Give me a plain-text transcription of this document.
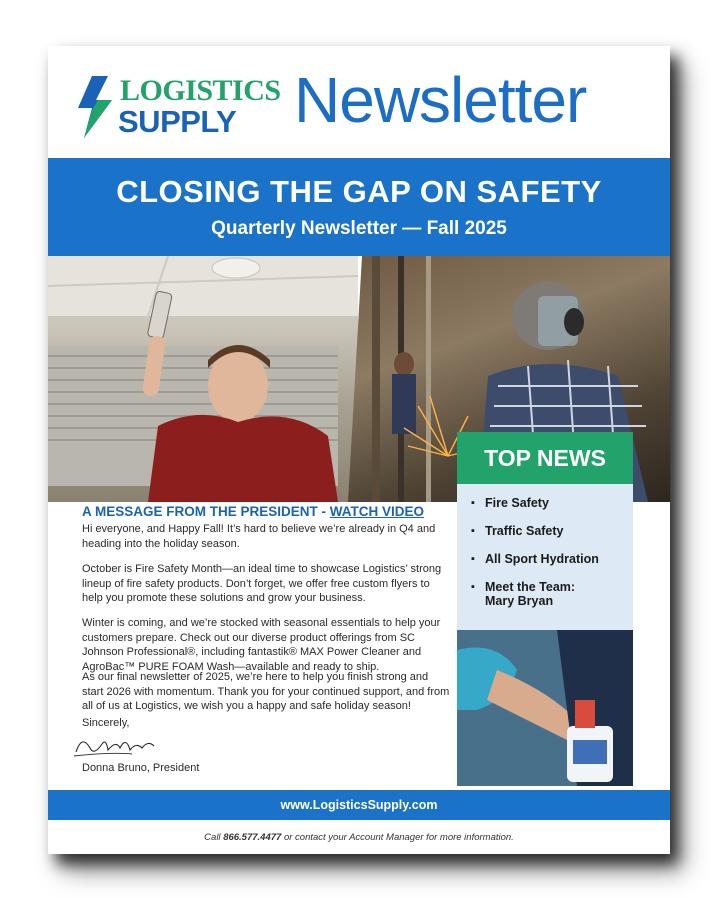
LOGISTICS
SUPPLY Newsletter
CLOSING THE GAP ON SAFETY
Quarterly Newsletter — Fall 2025
TOP NEWS
A MESSAGE FROM THE PRESIDENT - WATCH VIDEO

Hi everyone, and Happy Fall! It’s hard to believe we’re already in Q4 and heading into the holiday season.

October is Fire Safety Month—an ideal time to showcase Logistics’ strong lineup of fire safety products. Don’t forget, we offer free custom flyers to help you promote these solutions and grow your business.

Winter is coming, and we’re stocked with seasonal essentials to help your customers prepare. Check out our diverse product offerings from SC Johnson Professional®, including fantastik® MAX Power Cleaner and AgroBac™ PURE FOAM Wash—available and ready to ship.

As our final newsletter of 2025, we’re here to help you finish strong and start 2026 with momentum. Thank you for your continued support, and from all of us at Logistics, we wish you a happy and safe holiday season!

Sincerely,

Donna Bruno, President
▪ Fire Safety
▪ Traffic Safety
▪ All Sport Hydration
▪ Meet the Team: Mary Bryan
www.LogisticsSupply.com
Call 866.577.4477 or contact your Account Manager for more information.
